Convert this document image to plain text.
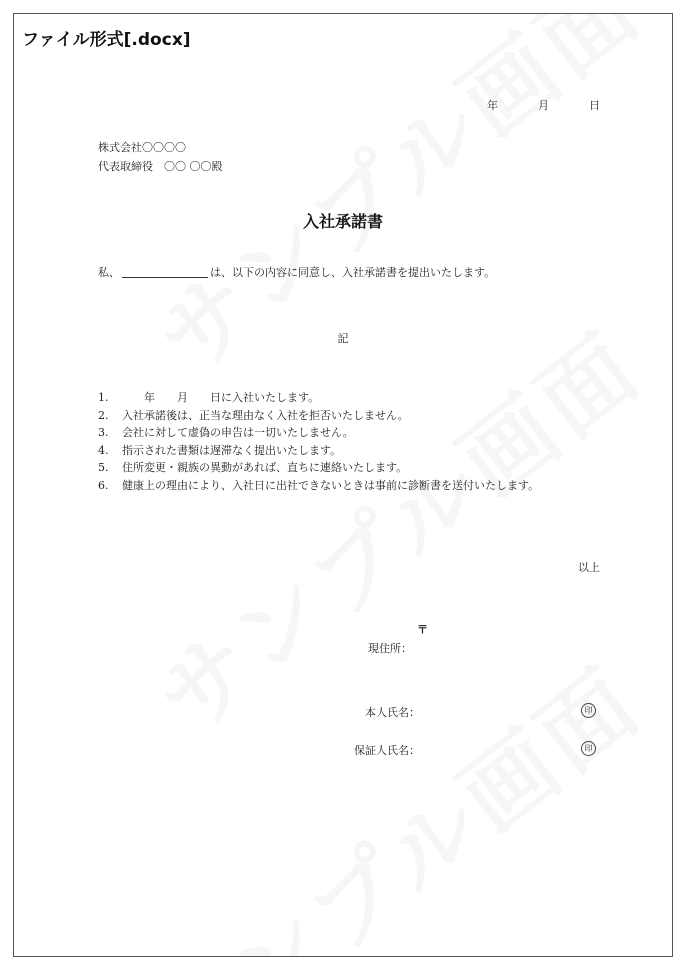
ファイル形式[.docx]
年	月	日
株式会社〇〇〇〇
代表取締役　〇〇 〇〇殿
入社承諾書
私、	は、以下の内容に同意し、入社承諾書を提出いたします。
記
1.	年 月 日に入社いたします。
2. 入社承諾後は、正当な理由なく入社を拒否いたしません。
3. 会社に対して虚偽の申告は一切いたしません。
4. 指示された書類は遅滞なく提出いたします。
5. 住所変更・親族の異動があれば、直ちに連絡いたします。
6. 健康上の理由により、入社日に出社できないときは事前に診断書を送付いたします。
以上
〒
現住所：
本人氏名：	印
保証人氏名：	印
